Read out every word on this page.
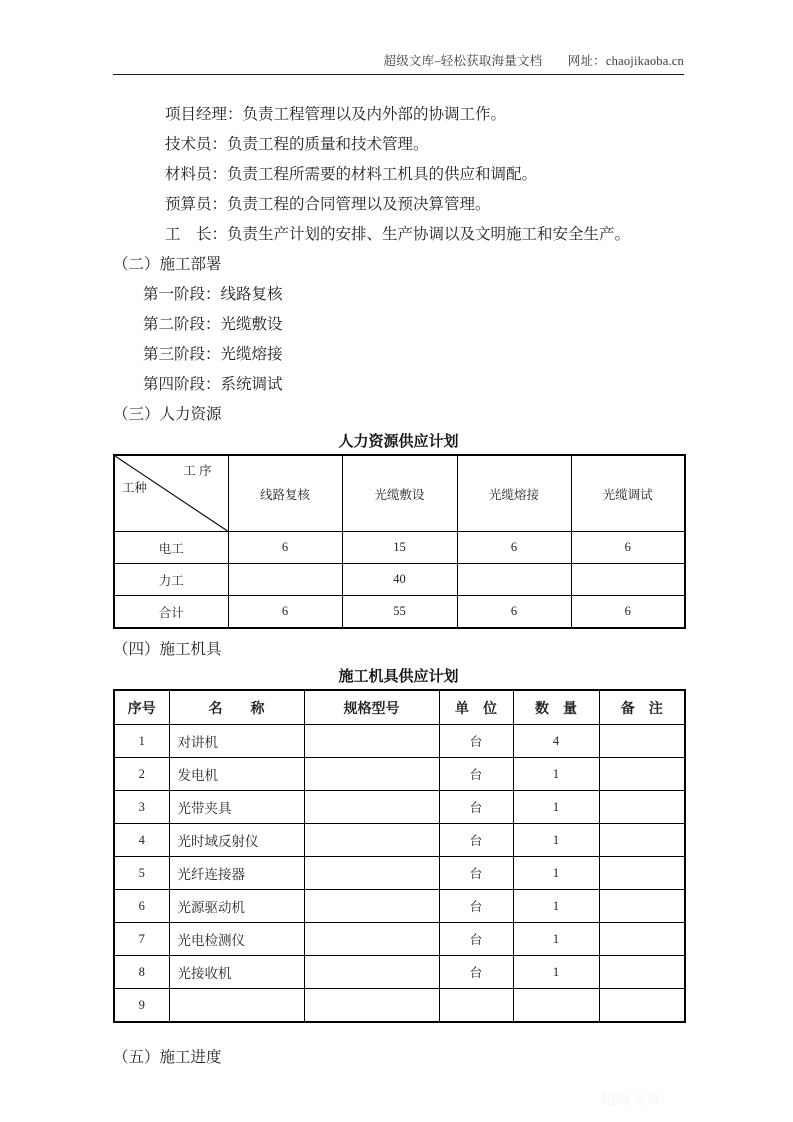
超级文库–轻松获取海量文档　　网址：chaojikaoba.cn
项目经理：负责工程管理以及内外部的协调工作。
技术员：负责工程的质量和技术管理。
材料员：负责工程所需要的材料工机具的供应和调配。
预算员：负责工程的合同管理以及预决算管理。
工　长：负责生产计划的安排、生产协调以及文明施工和安全生产。
（二）施工部署
第一阶段：线路复核
第二阶段：光缆敷设
第三阶段：光缆熔接
第四阶段：系统调试
（三）人力资源
人力资源供应计划

工 序

工种	线路复核	光缆敷设	光缆熔接	光缆调试
电工	6	15	6	6
力工		40		
合计	6	55	6	6
（四）施工机具
施工机具供应计划
序号	名　　称	规格型号	单　位	数　量	备　注
1	对讲机		台	4	
2	发电机		台	1	
3	光带夹具		台	1	
4	光时域反射仪		台	1	
5	光纤连接器		台	1	
6	光源驱动机		台	1	
7	光电检测仪		台	1	
8	光接收机		台	1	
9					
（五）施工进度
超级文库
